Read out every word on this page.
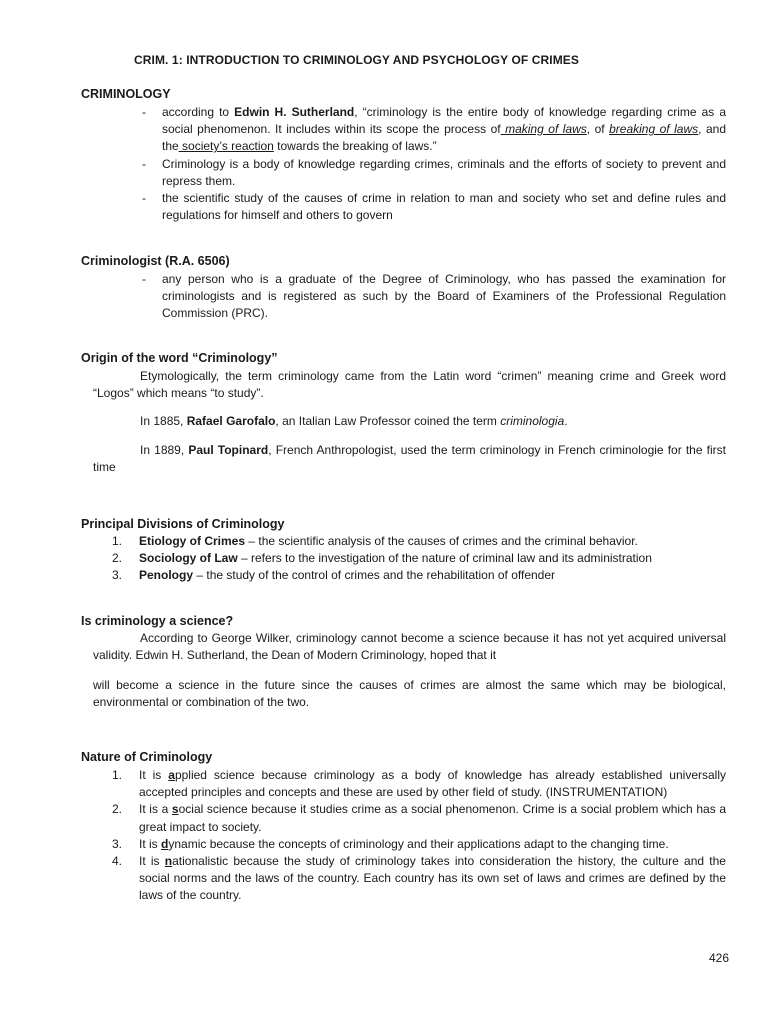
CRIM. 1: INTRODUCTION TO CRIMINOLOGY AND PSYCHOLOGY OF CRIMES
CRIMINOLOGY
- according to Edwin H. Sutherland, “criminology is the entire body of knowledge regarding crime as a social phenomenon. It includes within its scope the process of making of laws, of breaking of laws, and the society’s reaction towards the breaking of laws.”
- Criminology is a body of knowledge regarding crimes, criminals and the efforts of society to prevent and repress them.
- the scientific study of the causes of crime in relation to man and society who set and define rules and regulations for himself and others to govern
Criminologist (R.A. 6506)
- any person who is a graduate of the Degree of Criminology, who has passed the examination for criminologists and is registered as such by the Board of Examiners of the Professional Regulation Commission (PRC).
Origin of the word “Criminology”
Etymologically, the term criminology came from the Latin word “crimen” meaning crime and Greek word “Logos” which means “to study”.
In 1885, Rafael Garofalo, an Italian Law Professor coined the term criminologia.
In 1889, Paul Topinard, French Anthropologist, used the term criminology in French criminologie for the first time
Principal Divisions of Criminology
1. Etiology of Crimes – the scientific analysis of the causes of crimes and the criminal behavior.
2. Sociology of Law – refers to the investigation of the nature of criminal law and its administration
3. Penology – the study of the control of crimes and the rehabilitation of offender
Is criminology a science?
According to George Wilker, criminology cannot become a science because it has not yet acquired universal validity. Edwin H. Sutherland, the Dean of Modern Criminology, hoped that it
will become a science in the future since the causes of crimes are almost the same which may be biological, environmental or combination of the two.
Nature of Criminology
1. It is applied science because criminology as a body of knowledge has already established universally accepted principles and concepts and these are used by other field of study. (INSTRUMENTATION)
2. It is a social science because it studies crime as a social phenomenon. Crime is a social problem which has a great impact to society.
3. It is dynamic because the concepts of criminology and their applications adapt to the changing time.
4. It is nationalistic because the study of criminology takes into consideration the history, the culture and the social norms and the laws of the country. Each country has its own set of laws and crimes are defined by the laws of the country.
426
